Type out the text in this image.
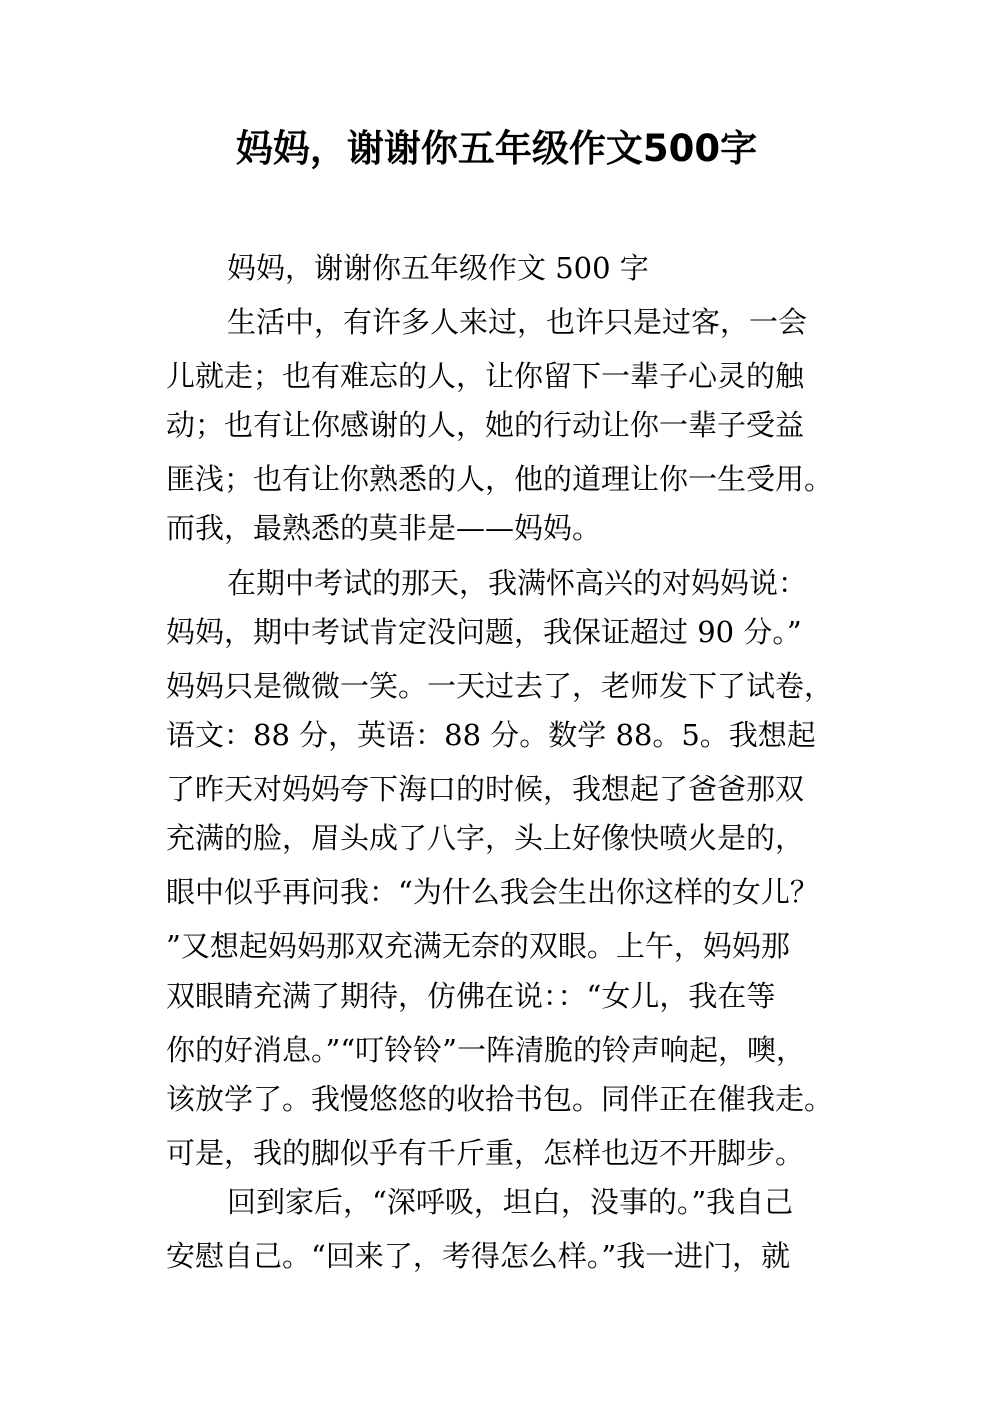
妈妈，谢谢你五年级作文500字

妈妈，谢谢你五年级作文 500 字

生活中，有许多人来过，也许只是过客，一会

儿就走；也有难忘的人，让你留下一辈子心灵的触

动；也有让你感谢的人，她的行动让你一辈子受益

匪浅；也有让你熟悉的人，他的道理让你一生受用。

而我，最熟悉的莫非是——妈妈。

在期中考试的那天，我满怀高兴的对妈妈说：

妈妈，期中考试肯定没问题，我保证超过 90 分。”

妈妈只是微微一笑。一天过去了，老师发下了试卷，

语文：88 分，英语：88 分。数学 88。5。我想起

了昨天对妈妈夸下海口的时候，我想起了爸爸那双

充满的脸，眉头成了八字，头上好像快喷火是的，

眼中似乎再问我：“为什么我会生出你这样的女儿？

”又想起妈妈那双充满无奈的双眼。上午，妈妈那

双眼睛充满了期待，仿佛在说：：“女儿，我在等

你的好消息。”“叮铃铃”一阵清脆的铃声响起，噢，

该放学了。我慢悠悠的收拾书包。同伴正在催我走。

可是，我的脚似乎有千斤重，怎样也迈不开脚步。

回到家后，“深呼吸，坦白，没事的。”我自己

安慰自己。“回来了，考得怎么样。”我一进门，就
